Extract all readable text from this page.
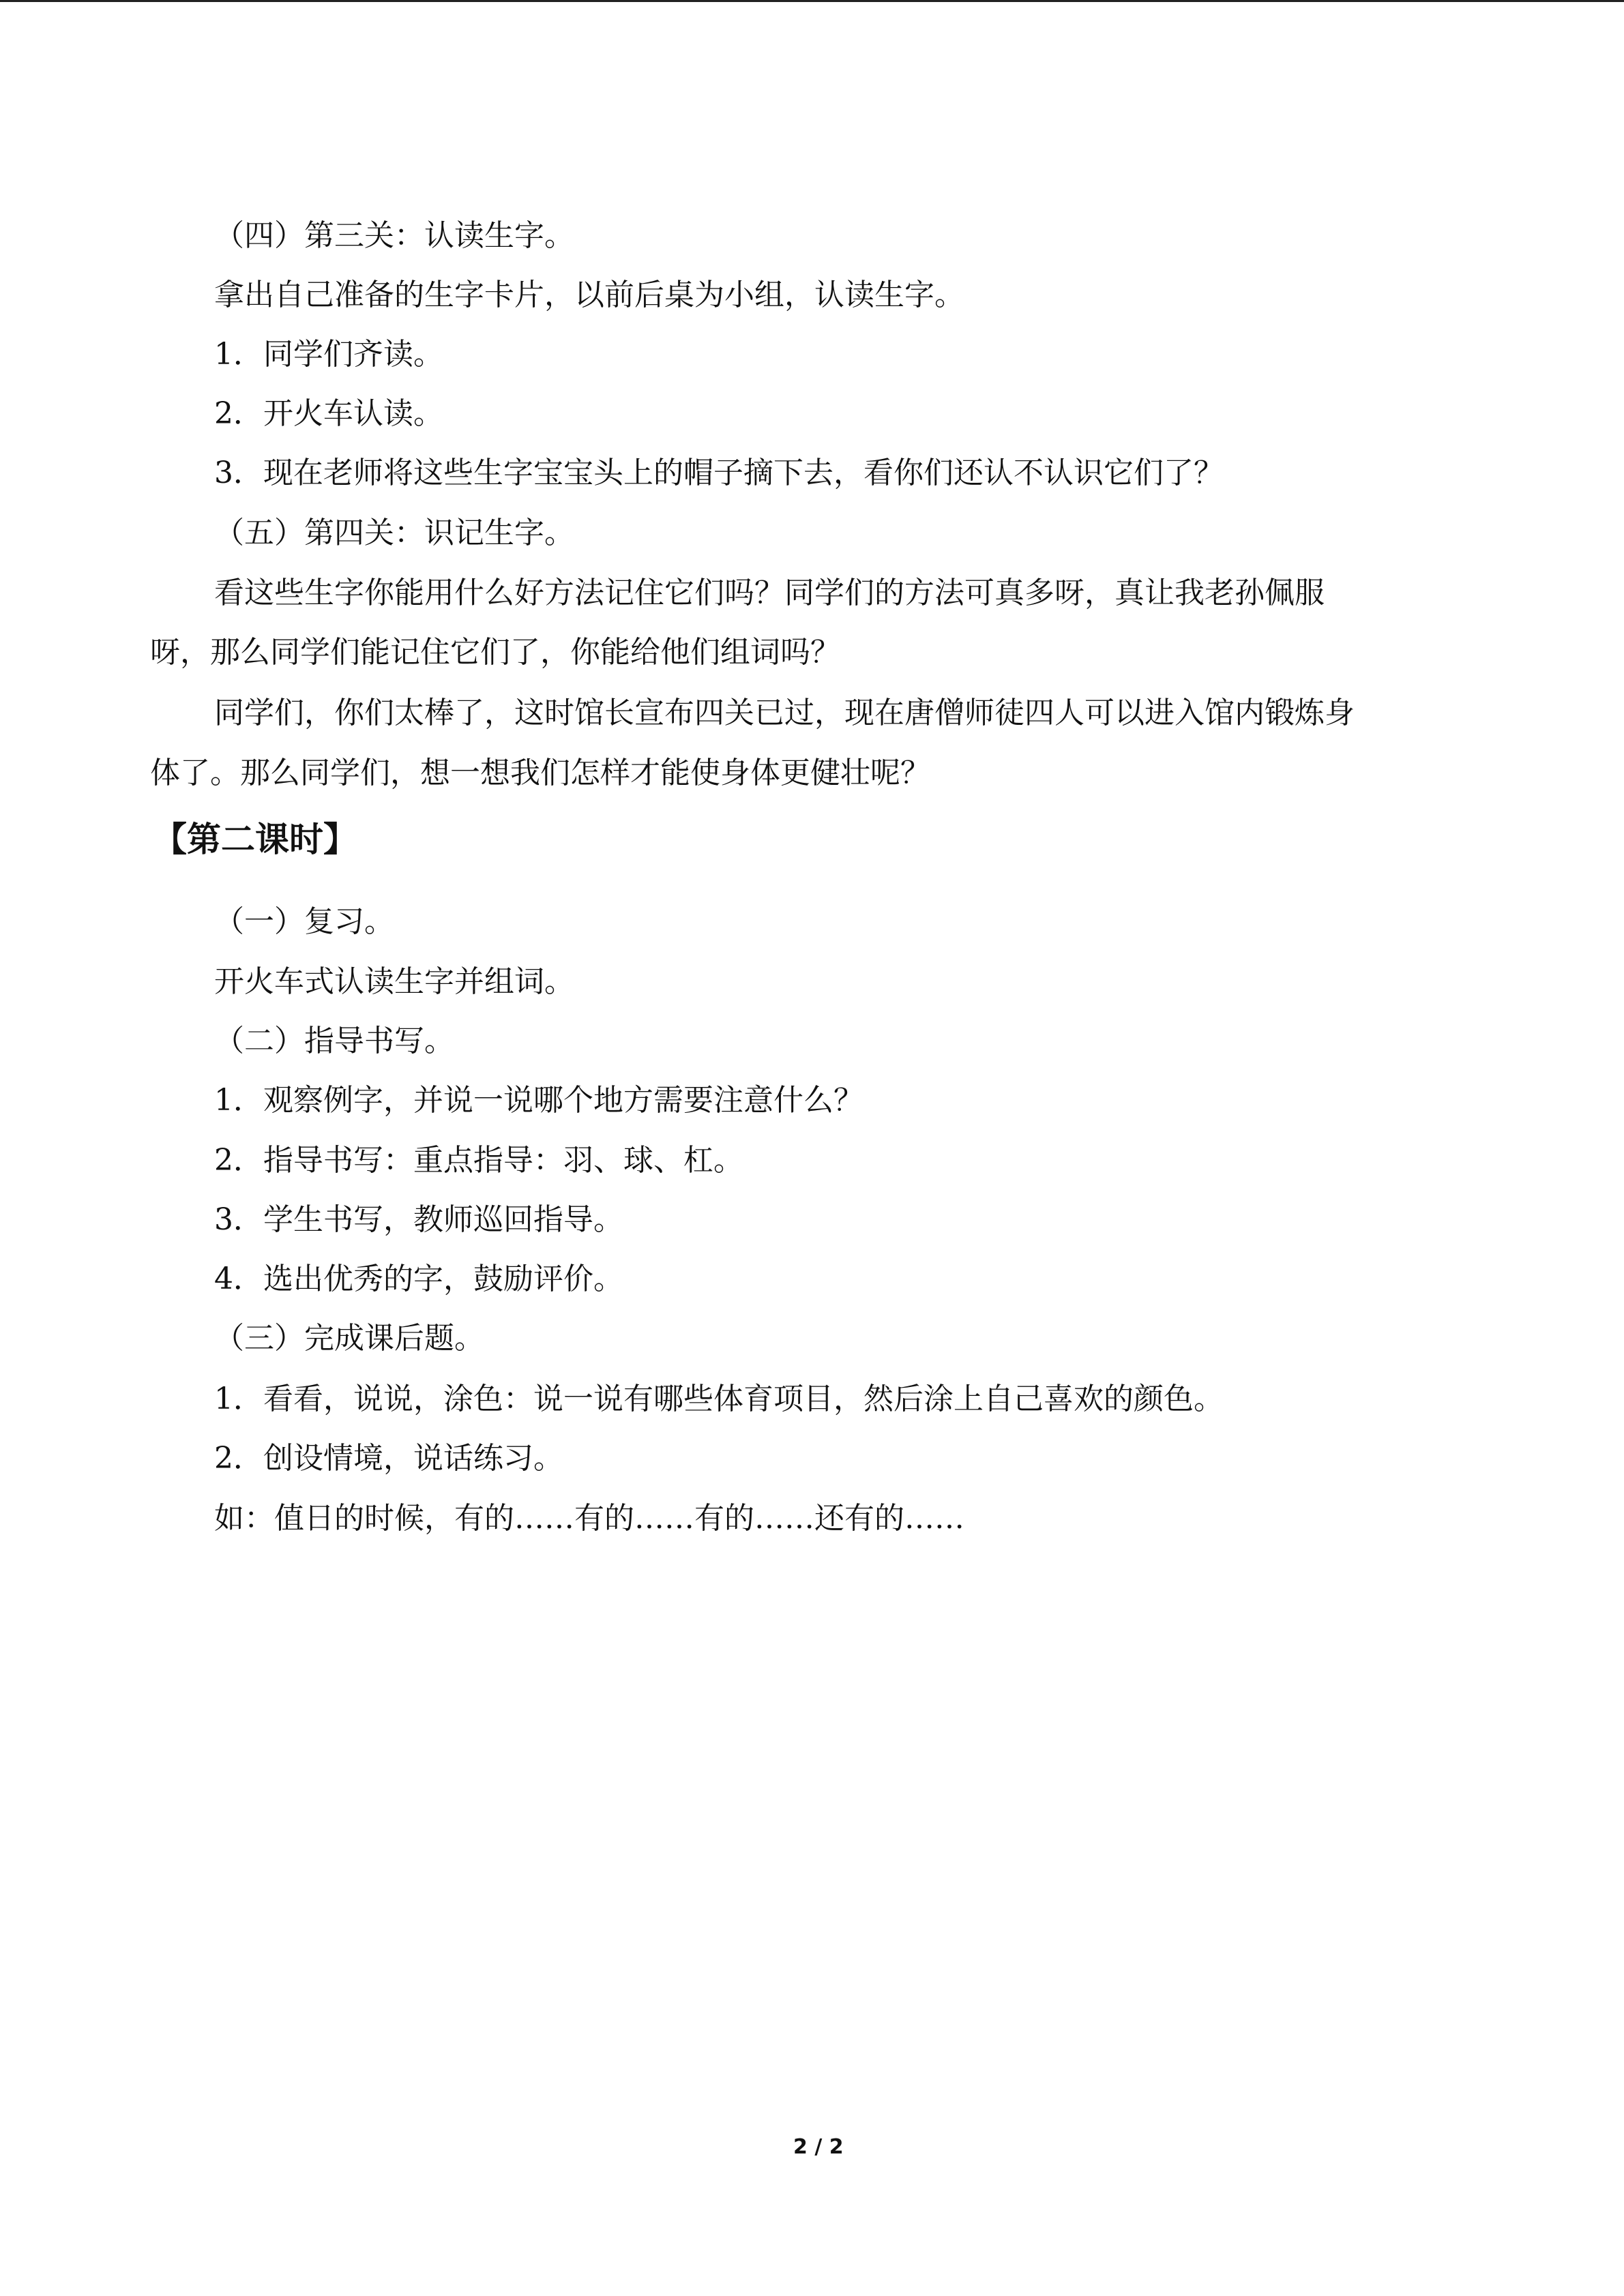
（四）第三关：认读生字。
拿出自己准备的生字卡片，以前后桌为小组，认读生字。
1．同学们齐读。
2．开火车认读。
3．现在老师将这些生字宝宝头上的帽子摘下去，看你们还认不认识它们了？
（五）第四关：识记生字。
看这些生字你能用什么好方法记住它们吗？同学们的方法可真多呀，真让我老孙佩服
呀，那么同学们能记住它们了，你能给他们组词吗？
同学们，你们太棒了，这时馆长宣布四关已过，现在唐僧师徒四人可以进入馆内锻炼身
体了。那么同学们，想一想我们怎样才能使身体更健壮呢？
【第二课时】
（一）复习。
开火车式认读生字并组词。
（二）指导书写。
1．观察例字，并说一说哪个地方需要注意什么？
2．指导书写：重点指导：羽、球、杠。
3．学生书写，教师巡回指导。
4．选出优秀的字，鼓励评价。
（三）完成课后题。
1．看看，说说，涂色：说一说有哪些体育项目，然后涂上自己喜欢的颜色。
2．创设情境，说话练习。
如：值日的时候，有的……有的……有的……还有的……
2 / 2
